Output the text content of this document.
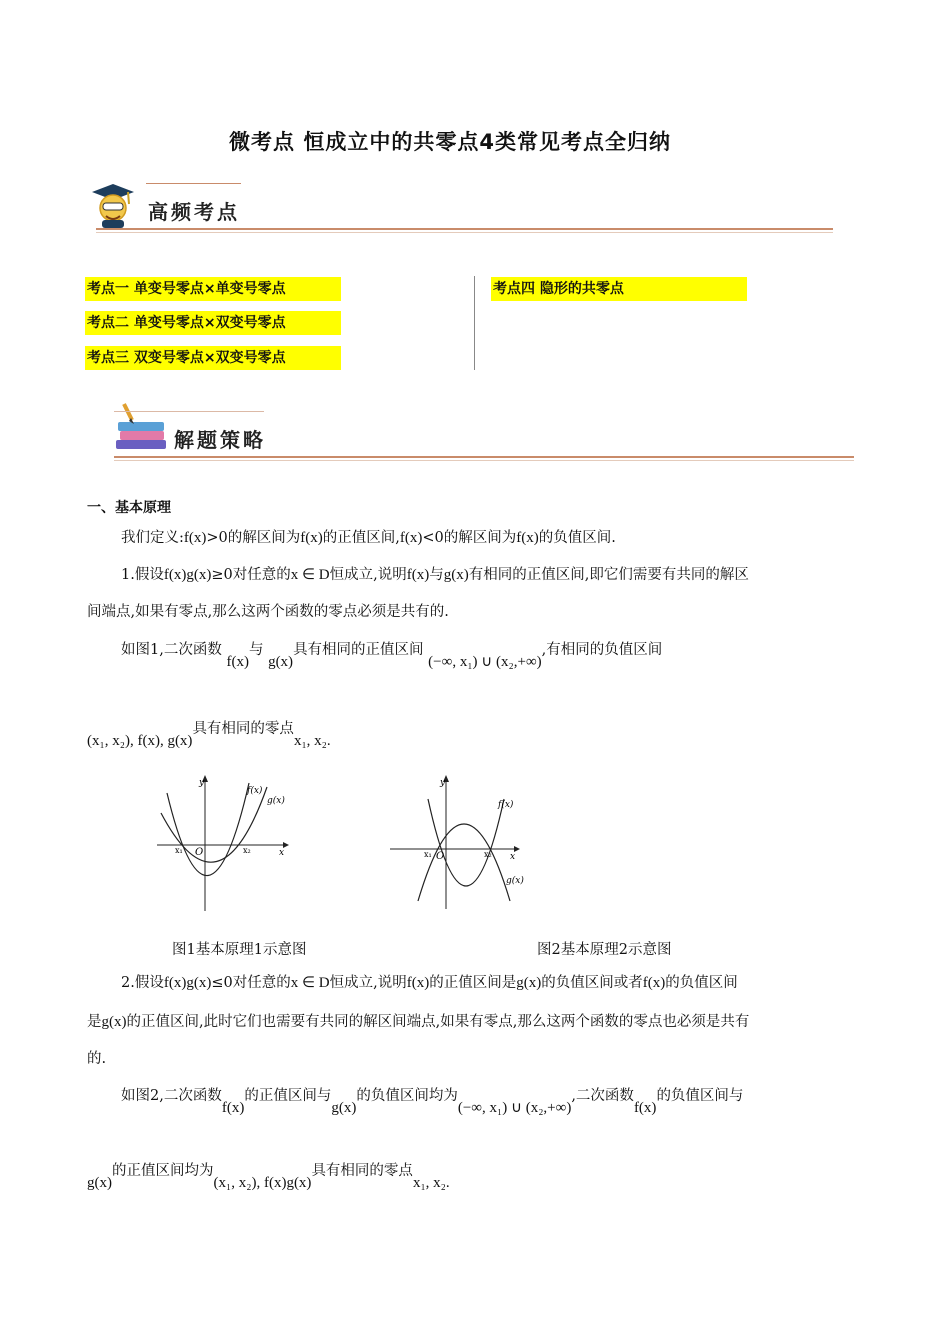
微考点 恒成立中的共零点4类常见考点全归纳
高频考点
考点一 单变号零点×单变号零点
考点二 单变号零点×双变号零点
考点三 双变号零点×双变号零点
考点四 隐形的共零点
解题策略
一、基本原理
我们定义:f(x)>0的解区间为f(x)的正值区间,f(x)<0的解区间为f(x)的负值区间.
1.假设f(x)g(x)≥0对任意的x ∈ D恒成立,说明f(x)与g(x)有相同的正值区间,即它们需要有共同的解区
间端点,如果有零点,那么这两个函数的零点必须是共有的.
如图1,二次函数 f(x)与 g(x)具有相同的正值区间 (−∞, x₁) ∪ (x₂,+∞),有相同的负值区间
(x₁, x₂), f(x), g(x)具有相同的零点x₁, x₂.
y
x
O
x₁	x₂
f(x)
g(x)
y
x
O
x₁	x₂
f(x)
g(x)
图1基本原理1示意图	图2基本原理2示意图
2.假设f(x)g(x)≤0对任意的x ∈ D恒成立,说明f(x)的正值区间是g(x)的负值区间或者f(x)的负值区间
是g(x)的正值区间,此时它们也需要有共同的解区间端点,如果有零点,那么这两个函数的零点也必须是共有
的.
如图2,二次函数f(x)的正值区间与g(x)的负值区间均为(−∞, x₁) ∪ (x₂,+∞),二次函数f(x)的负值区间与
g(x)的正值区间均为(x₁, x₂), f(x)g(x)具有相同的零点x₁, x₂.
